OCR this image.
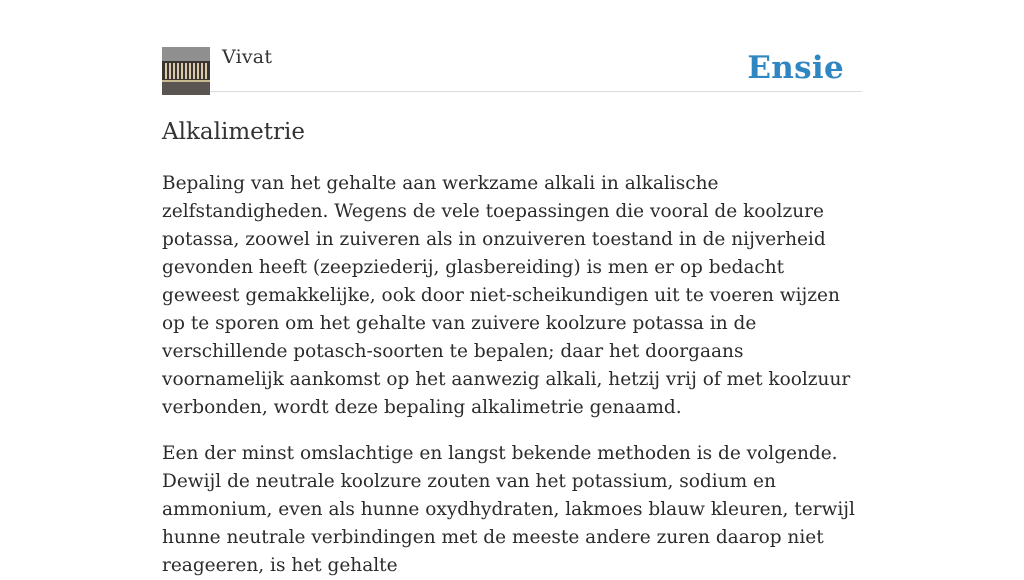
Vivat	Ensie
Alkalimetrie

Bepaling van het gehalte aan werkzame alkali in alkalische zelfstandigheden. Wegens de vele toepassingen die vooral de koolzure potassa, zoowel in zuiveren als in onzuiveren toestand in de nijverheid gevonden heeft (zeepziederij, glasbereiding) is men er op bedacht geweest gemakkelijke, ook door niet-scheikundigen uit te voeren wijzen op te sporen om het gehalte van zuivere koolzure potassa in de verschillende potasch-soorten te bepalen; daar het doorgaans voornamelijk aankomst op het aanwezig alkali, hetzij vrij of met koolzuur verbonden, wordt deze bepaling alkalimetrie genaamd.

Een der minst omslachtige en langst bekende methoden is de volgende. Dewijl de neutrale koolzure zouten van het potassium, sodium en ammonium, even als hunne oxydhydraten, lakmoes blauw kleuren, terwijl hunne neutrale verbindingen met de meeste andere zuren daarop niet reageeren, is het gehalte
